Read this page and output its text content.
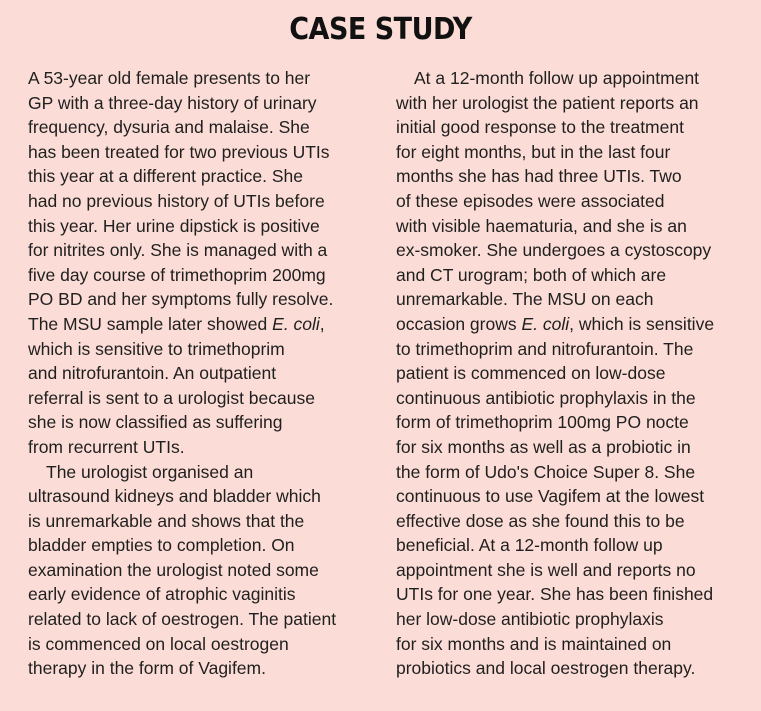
CASE STUDY
A 53-year old female presents to her
GP with a three-day history of urinary
frequency, dysuria and malaise. She
has been treated for two previous UTIs
this year at a different practice. She
had no previous history of UTIs before
this year. Her urine dipstick is positive
for nitrites only. She is managed with a
five day course of trimethoprim 200mg
PO BD and her symptoms fully resolve.
The MSU sample later showed E. coli,
which is sensitive to trimethoprim
and nitrofurantoin. An outpatient
referral is sent to a urologist because
she is now classified as suffering
from recurrent UTIs.
The urologist organised an
ultrasound kidneys and bladder which
is unremarkable and shows that the
bladder empties to completion. On
examination the urologist noted some
early evidence of atrophic vaginitis
related to lack of oestrogen. The patient
is commenced on local oestrogen
therapy in the form of Vagifem.
At a 12-month follow up appointment
with her urologist the patient reports an
initial good response to the treatment
for eight months, but in the last four
months she has had three UTIs. Two
of these episodes were associated
with visible haematuria, and she is an
ex-smoker. She undergoes a cystoscopy
and CT urogram; both of which are
unremarkable. The MSU on each
occasion grows E. coli, which is sensitive
to trimethoprim and nitrofurantoin. The
patient is commenced on low-dose
continuous antibiotic prophylaxis in the
form of trimethoprim 100mg PO nocte
for six months as well as a probiotic in
the form of Udo's Choice Super 8. She
continuous to use Vagifem at the lowest
effective dose as she found this to be
beneficial. At a 12-month follow up
appointment she is well and reports no
UTIs for one year. She has been finished
her low-dose antibiotic prophylaxis
for six months and is maintained on
probiotics and local oestrogen therapy.
